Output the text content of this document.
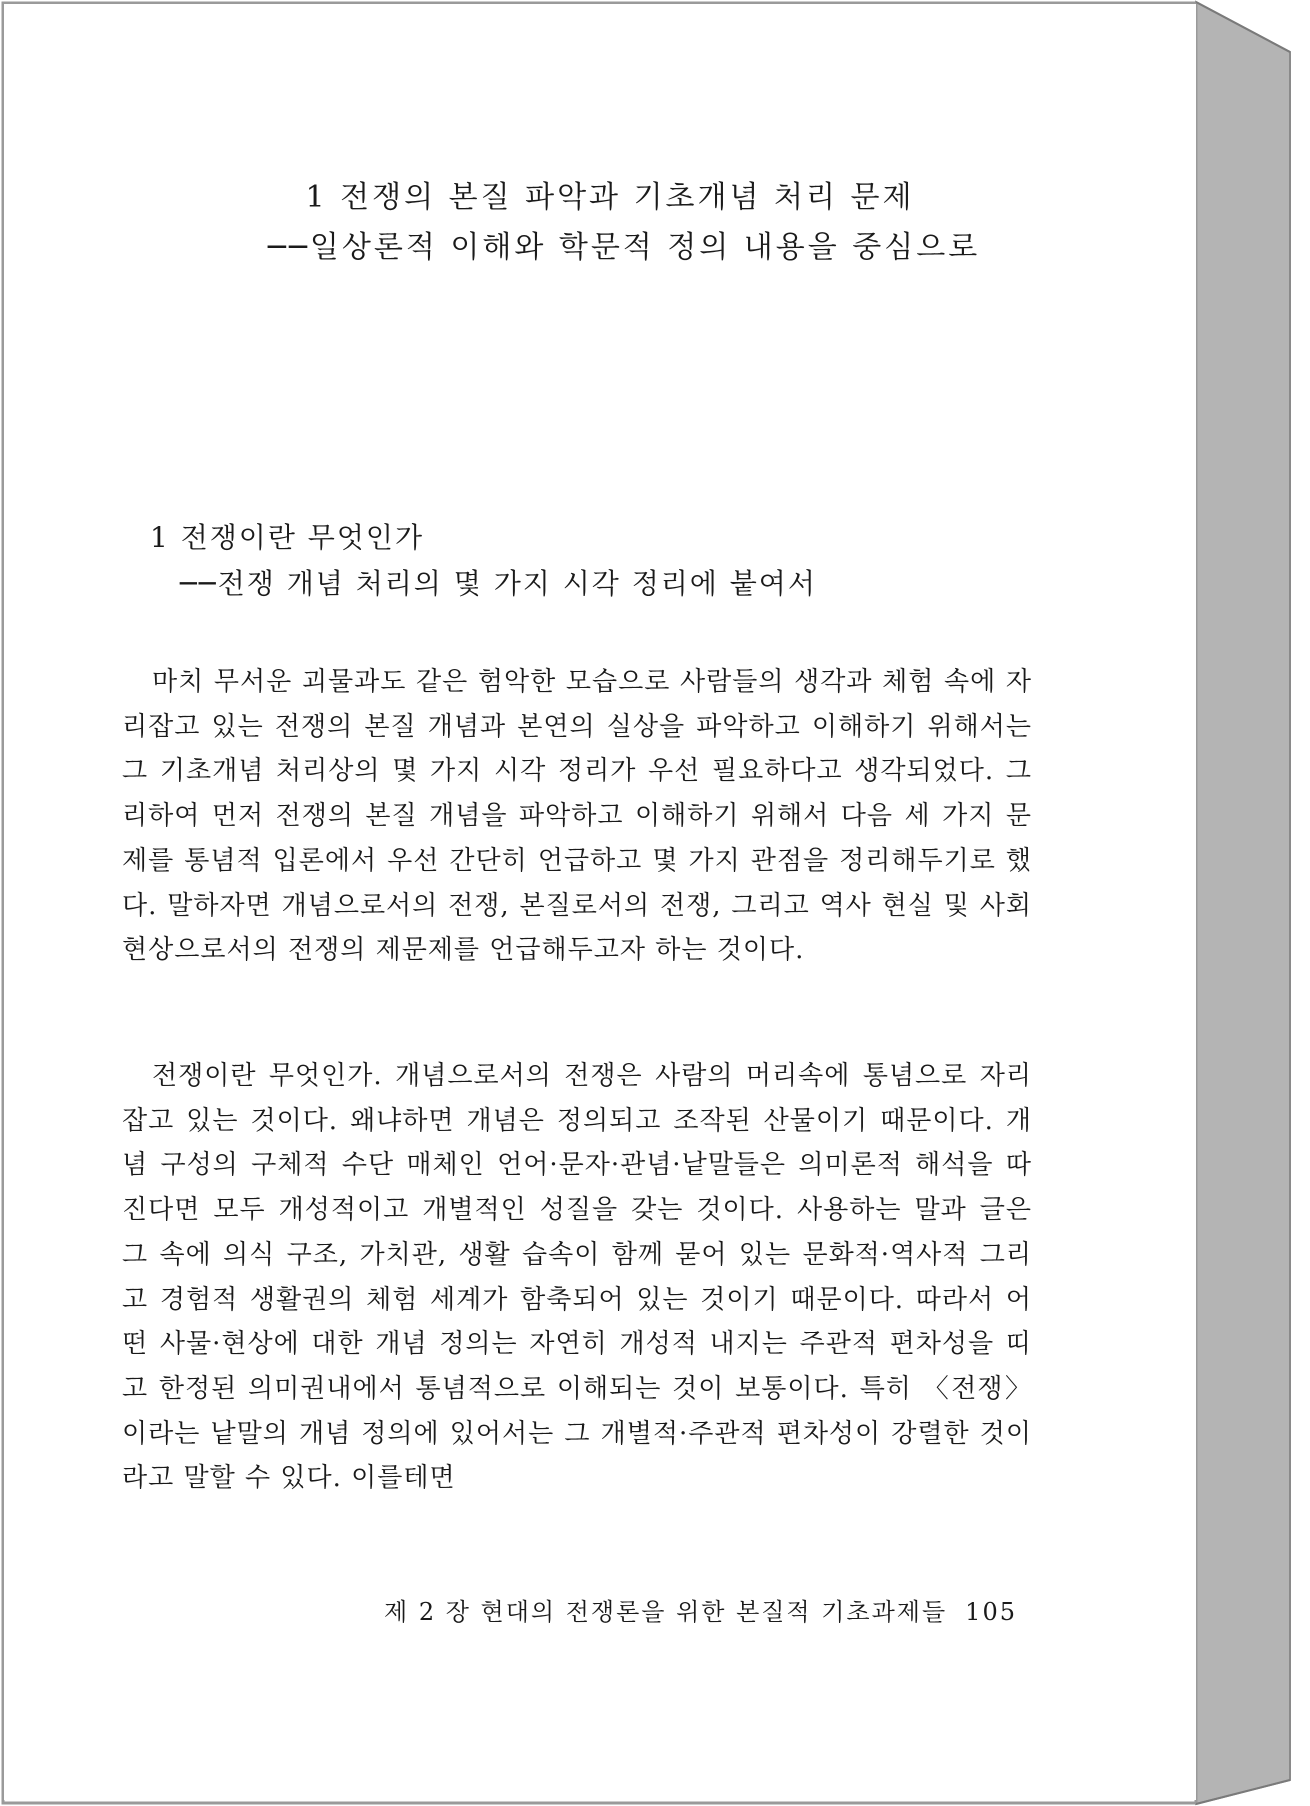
1 전쟁의 본질 파악과 기초개념 처리 문제
──일상론적 이해와 학문적 정의 내용을 중심으로
1 전쟁이란 무엇인가
──전쟁 개념 처리의 몇 가지 시각 정리에 붙여서

마치 무서운 괴물과도 같은 험악한 모습으로 사람들의 생각과 체험 속에 자리잡고 있는 전쟁의 본질 개념과 본연의 실상을 파악하고 이해하기 위해서는 그 기초개념 처리상의 몇 가지 시각 정리가 우선 필요하다고 생각되었다. 그리하여 먼저 전쟁의 본질 개념을 파악하고 이해하기 위해서 다음 세 가지 문제를 통념적 입론에서 우선 간단히 언급하고 몇 가지 관점을 정리해두기로 했다. 말하자면 개념으로서의 전쟁, 본질로서의 전쟁, 그리고 역사 현실 및 사회 현상으로서의 전쟁의 제문제를 언급해두고자 하는 것이다.

전쟁이란 무엇인가. 개념으로서의 전쟁은 사람의 머리속에 통념으로 자리잡고 있는 것이다. 왜냐하면 개념은 정의되고 조작된 산물이기 때문이다. 개념 구성의 구체적 수단 매체인 언어·문자·관념·낱말들은 의미론적 해석을 따진다면 모두 개성적이고 개별적인 성질을 갖는 것이다. 사용하는 말과 글은 그 속에 의식 구조, 가치관, 생활 습속이 함께 묻어 있는 문화적·역사적 그리고 경험적 생활권의 체험 세계가 함축되어 있는 것이기 때문이다. 따라서 어떤 사물·현상에 대한 개념 정의는 자연히 개성적 내지는 주관적 편차성을 띠고 한정된 의미권내에서 통념적으로 이해되는 것이 보통이다. 특히 〈전쟁〉이라는 낱말의 개념 정의에 있어서는 그 개별적·주관적 편차성이 강렬한 것이라고 말할 수 있다. 이를테면

제 2 장 현대의 전쟁론을 위한 본질적 기초과제들 105
